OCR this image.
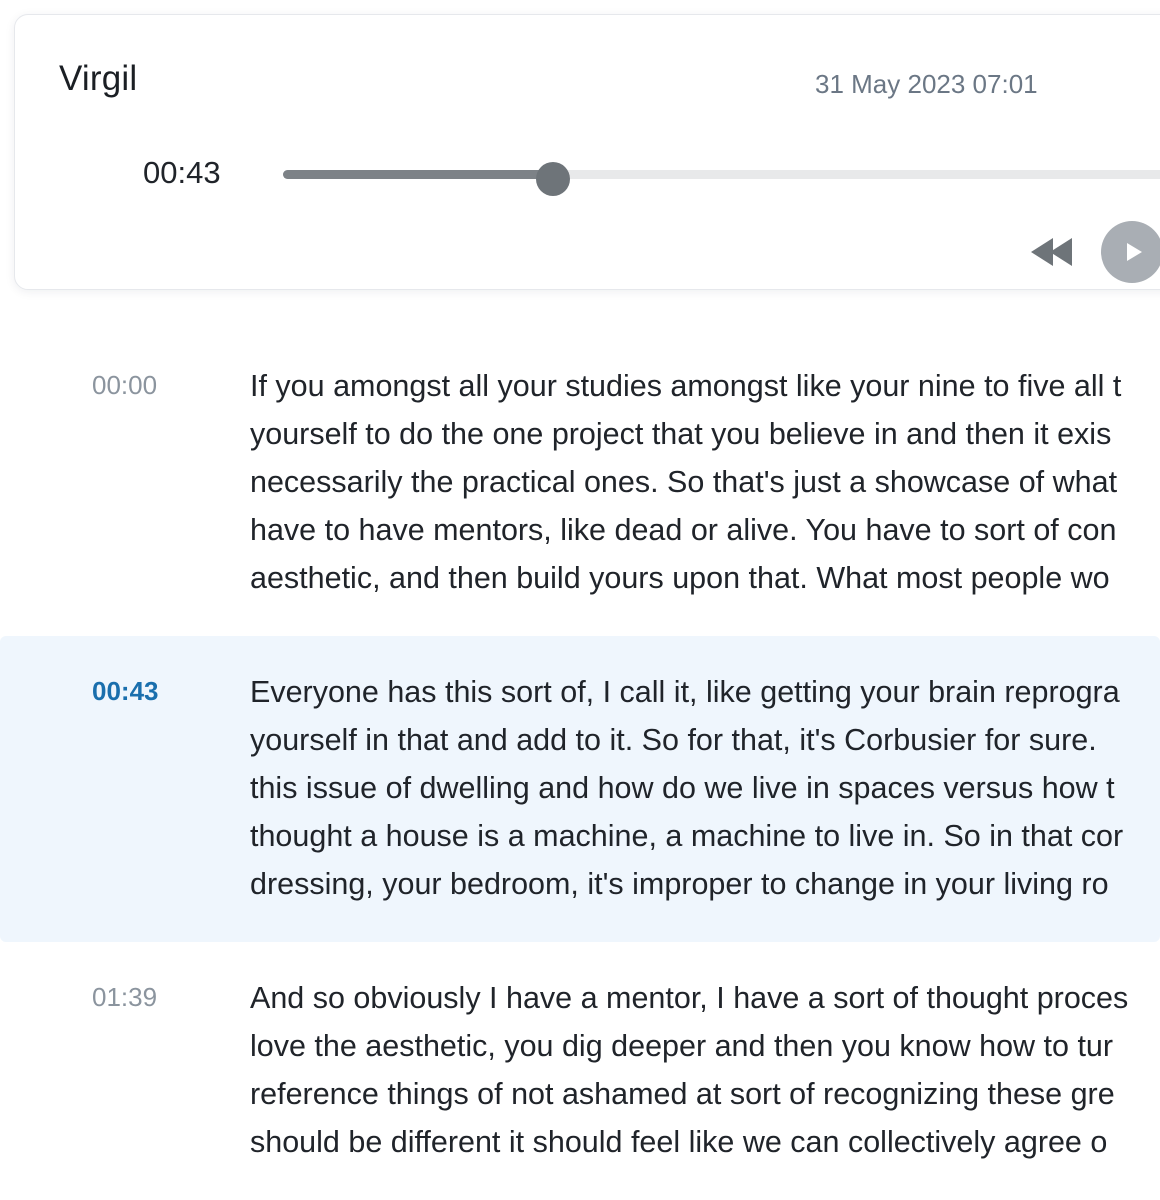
Virgil	31 May 2023 07:01
00:43
00:00	If you amongst all your studies amongst like your nine to five all t
yourself to do the one project that you believe in and then it exis
necessarily the practical ones. So that's just a showcase of what
have to have mentors, like dead or alive. You have to sort of con
aesthetic, and then build yours upon that. What most people wo
00:43	Everyone has this sort of, I call it, like getting your brain reprogra
yourself in that and add to it. So for that, it's Corbusier for sure.
this issue of dwelling and how do we live in spaces versus how t
thought a house is a machine, a machine to live in. So in that cor
dressing, your bedroom, it's improper to change in your living ro
01:39	And so obviously I have a mentor, I have a sort of thought proces
love the aesthetic, you dig deeper and then you know how to tur
reference things of not ashamed at sort of recognizing these gre
should be different it should feel like we can collectively agree o
